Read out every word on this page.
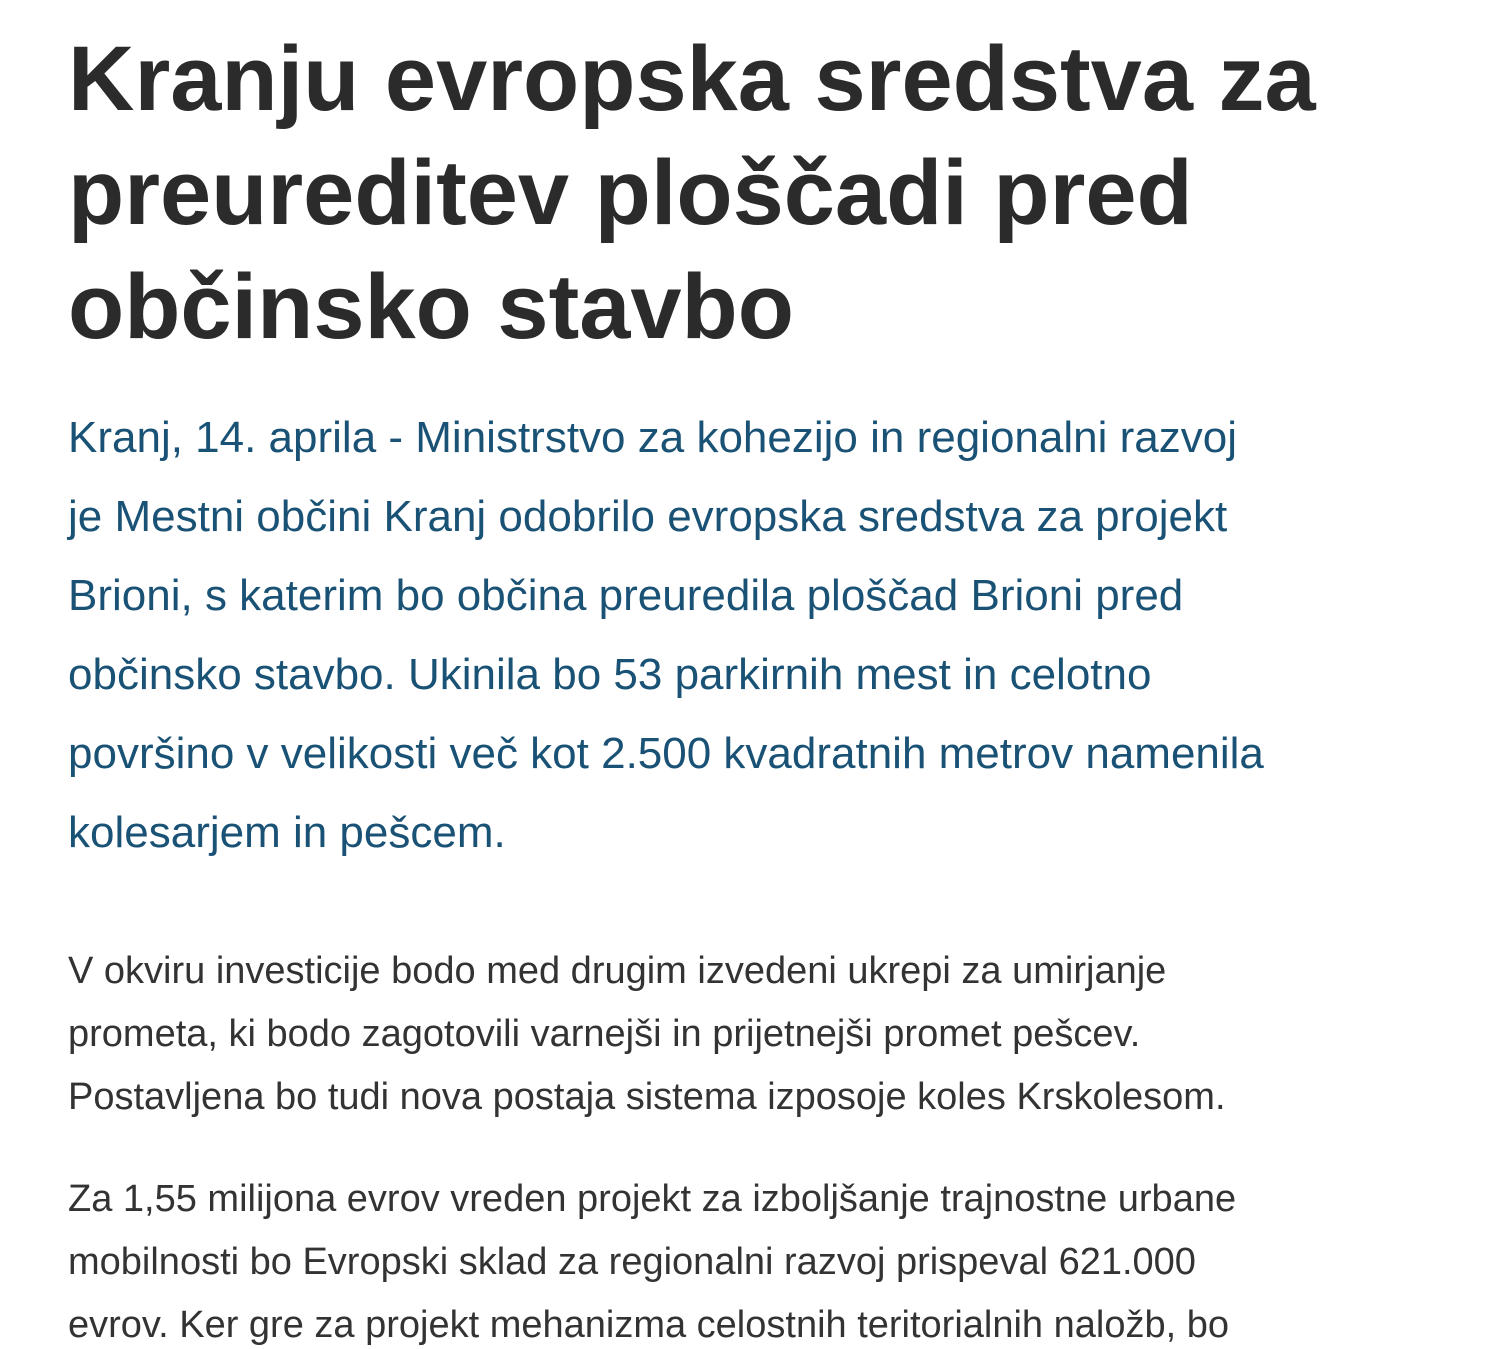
Kranju evropska sredstva za
preureditev ploščadi pred
občinsko stavbo

Kranj, 14. aprila - Ministrstvo za kohezijo in regionalni razvoj
je Mestni občini Kranj odobrilo evropska sredstva za projekt
Brioni, s katerim bo občina preuredila ploščad Brioni pred
občinsko stavbo. Ukinila bo 53 parkirnih mest in celotno
površino v velikosti več kot 2.500 kvadratnih metrov namenila
kolesarjem in pešcem.

V okviru investicije bodo med drugim izvedeni ukrepi za umirjanje
prometa, ki bodo zagotovili varnejši in prijetnejši promet pešcev.
Postavljena bo tudi nova postaja sistema izposoje koles Krskolesom.

Za 1,55 milijona evrov vreden projekt za izboljšanje trajnostne urbane
mobilnosti bo Evropski sklad za regionalni razvoj prispeval 621.000
evrov. Ker gre za projekt mehanizma celostnih teritorialnih naložb, bo
